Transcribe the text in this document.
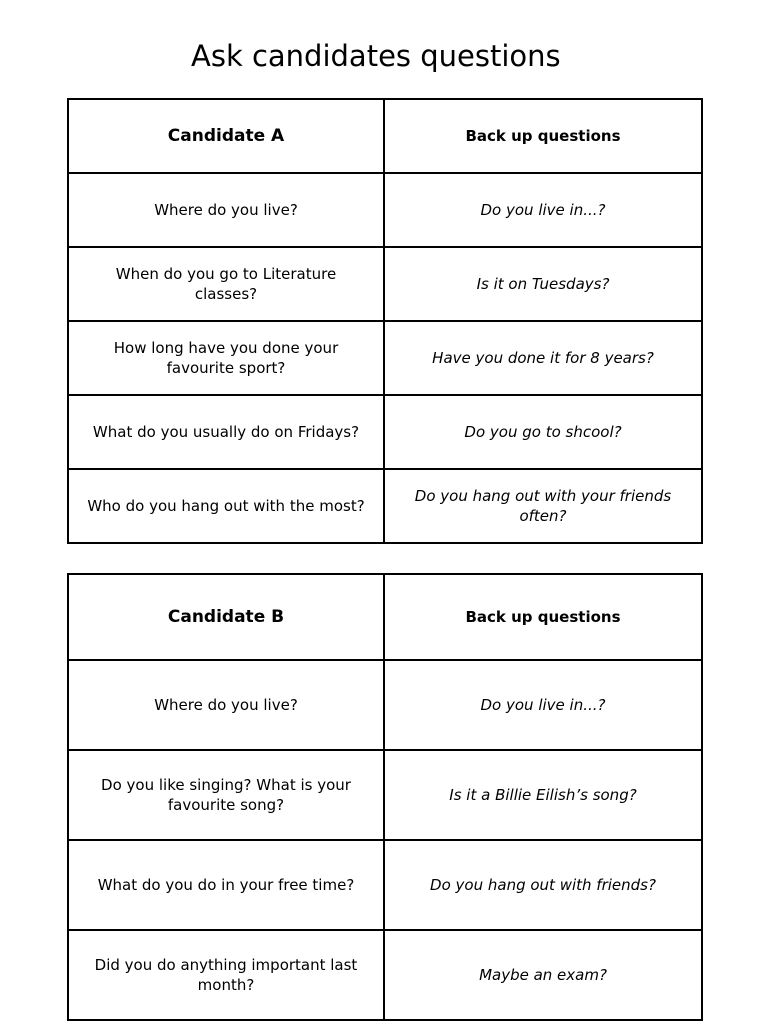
Ask candidates questions
Candidate A	Back up questions
Where do you live?	Do you live in...?
When do you go to Literature classes?	Is it on Tuesdays?
How long have you done your favourite sport?	Have you done it for 8 years?
What do you usually do on Fridays?	Do you go to shcool?
Who do you hang out with the most?	Do you hang out with your friends often?
Candidate B	Back up questions
Where do you live?	Do you live in...?
Do you like singing? What is your favourite song?	Is it a Billie Eilish’s song?
What do you do in your free time?	Do you hang out with friends?
Did you do anything important last month?	Maybe an exam?
